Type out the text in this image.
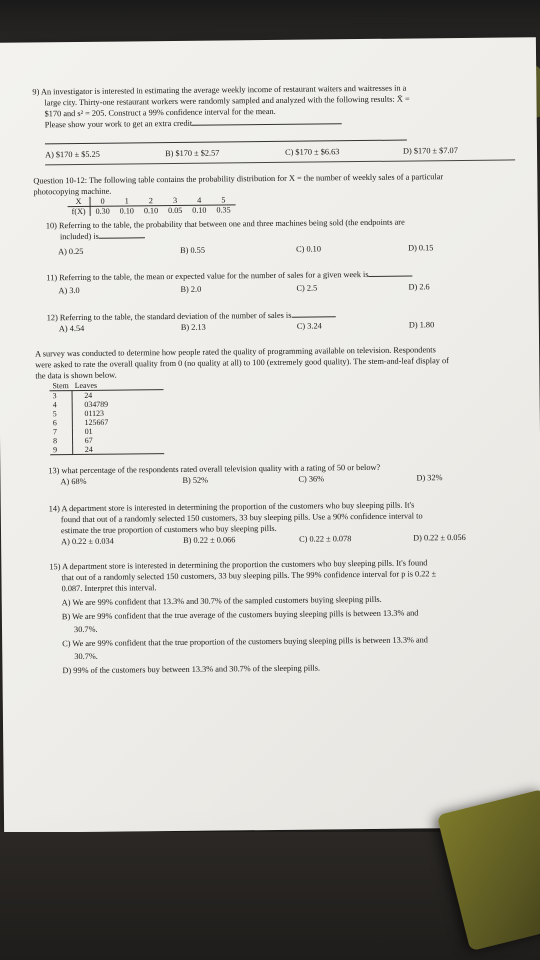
9) An investigator is interested in estimating the average weekly income of restaurant waiters and waitresses in a

large city. Thirty-one restaurant workers were randomly sampled and analyzed with the following results: X̄ =

$170 and s² = 205. Construct a 99% confidence interval for the mean.

Please show your work to get an extra credit

A) $170 ± $5.25	B) $170 ± $2.57	C) $170 ± $6.63	D) $170 ± $7.07

Question 10-12: The following table contains the probability distribution for X = the number of weekly sales of a particular

photocopying machine.

X	0	1	2	3	4	5
f(X)	0.30	0.10	0.10	0.05	0.10	0.35

10) Referring to the table, the probability that between one and three machines being sold (the endpoints are

included) is

A) 0.25	B) 0.55	C) 0.10	D) 0.15

11) Referring to the table, the mean or expected value for the number of sales for a given week is

A) 3.0	B) 2.0	C) 2.5	D) 2.6

12) Referring to the table, the standard deviation of the number of sales is

A) 4.54	B) 2.13	C) 3.24	D) 1.80

A survey was conducted to determine how people rated the quality of programming available on television. Respondents

were asked to rate the overall quality from 0 (no quality at all) to 100 (extremely good quality). The stem-and-leaf display of

the data is shown below.

Stem	Leaves
3	24
4	034789
5	01123
6	125667
7	01
8	67
9	24

13) what percentage of the respondents rated overall television quality with a rating of 50 or below?

A) 68%	B) 52%	C) 36%	D) 32%

14) A department store is interested in determining the proportion of the customers who buy sleeping pills. It's

found that out of a randomly selected 150 customers, 33 buy sleeping pills. Use a 90% confidence interval to

estimate the true proportion of customers who buy sleeping pills.

A) 0.22 ± 0.034	B) 0.22 ± 0.066	C) 0.22 ± 0.078	D) 0.22 ± 0.056

15) A department store is interested in determining the proportion the customers who buy sleeping pills. It's found

that out of a randomly selected 150 customers, 33 buy sleeping pills. The 99% confidence interval for p is 0.22 ±

0.087. Interpret this interval.

A) We are 99% confident that 13.3% and 30.7% of the sampled customers buying sleeping pills.

B) We are 99% confident that the true average of the customers buying sleeping pills is between 13.3% and

30.7%.

C) We are 99% confident that the true proportion of the customers buying sleeping pills is between 13.3% and

30.7%.

D) 99% of the customers buy between 13.3% and 30.7% of the sleeping pills.
